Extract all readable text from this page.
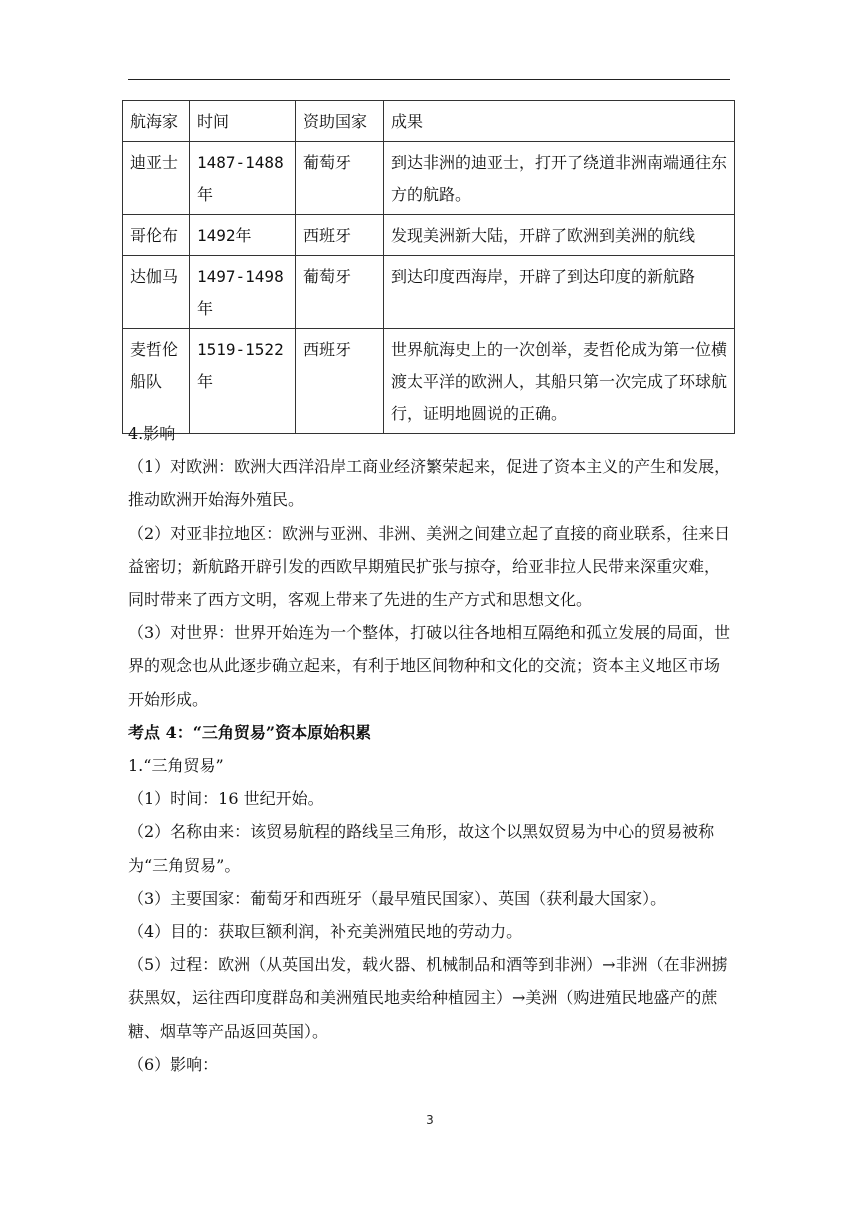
航海家	时间	资助国家	成果
迪亚士	1487-1488年	葡萄牙	到达非洲的迪亚士，打开了绕道非洲南端通往东方的航路。
哥伦布	1492年	西班牙	发现美洲新大陆，开辟了欧洲到美洲的航线
达伽马	1497-1498年	葡萄牙	到达印度西海岸，开辟了到达印度的新航路
麦哲伦船队	1519-1522年	西班牙	世界航海史上的一次创举，麦哲伦成为第一位横渡太平洋的欧洲人，其船只第一次完成了环球航行，证明地圆说的正确。

4.影响

（1）对欧洲：欧洲大西洋沿岸工商业经济繁荣起来，促进了资本主义的产生和发展，推动欧洲开始海外殖民。

（2）对亚非拉地区：欧洲与亚洲、非洲、美洲之间建立起了直接的商业联系，往来日益密切；新航路开辟引发的西欧早期殖民扩张与掠夺，给亚非拉人民带来深重灾难，同时带来了西方文明，客观上带来了先进的生产方式和思想文化。

（3）对世界：世界开始连为一个整体，打破以往各地相互隔绝和孤立发展的局面，世界的观念也从此逐步确立起来，有利于地区间物种和文化的交流；资本主义地区市场开始形成。

考点 4：“三角贸易”资本原始积累

1.“三角贸易”

（1）时间：16 世纪开始。

（2）名称由来：该贸易航程的路线呈三角形，故这个以黑奴贸易为中心的贸易被称为“三角贸易”。

（3）主要国家：葡萄牙和西班牙（最早殖民国家）、英国（获利最大国家）。

（4）目的：获取巨额利润，补充美洲殖民地的劳动力。

（5）过程：欧洲（从英国出发，载火器、机械制品和酒等到非洲）→非洲（在非洲掳获黑奴，运往西印度群岛和美洲殖民地卖给种植园主）→美洲（购进殖民地盛产的蔗糖、烟草等产品返回英国）。

（6）影响：

3
